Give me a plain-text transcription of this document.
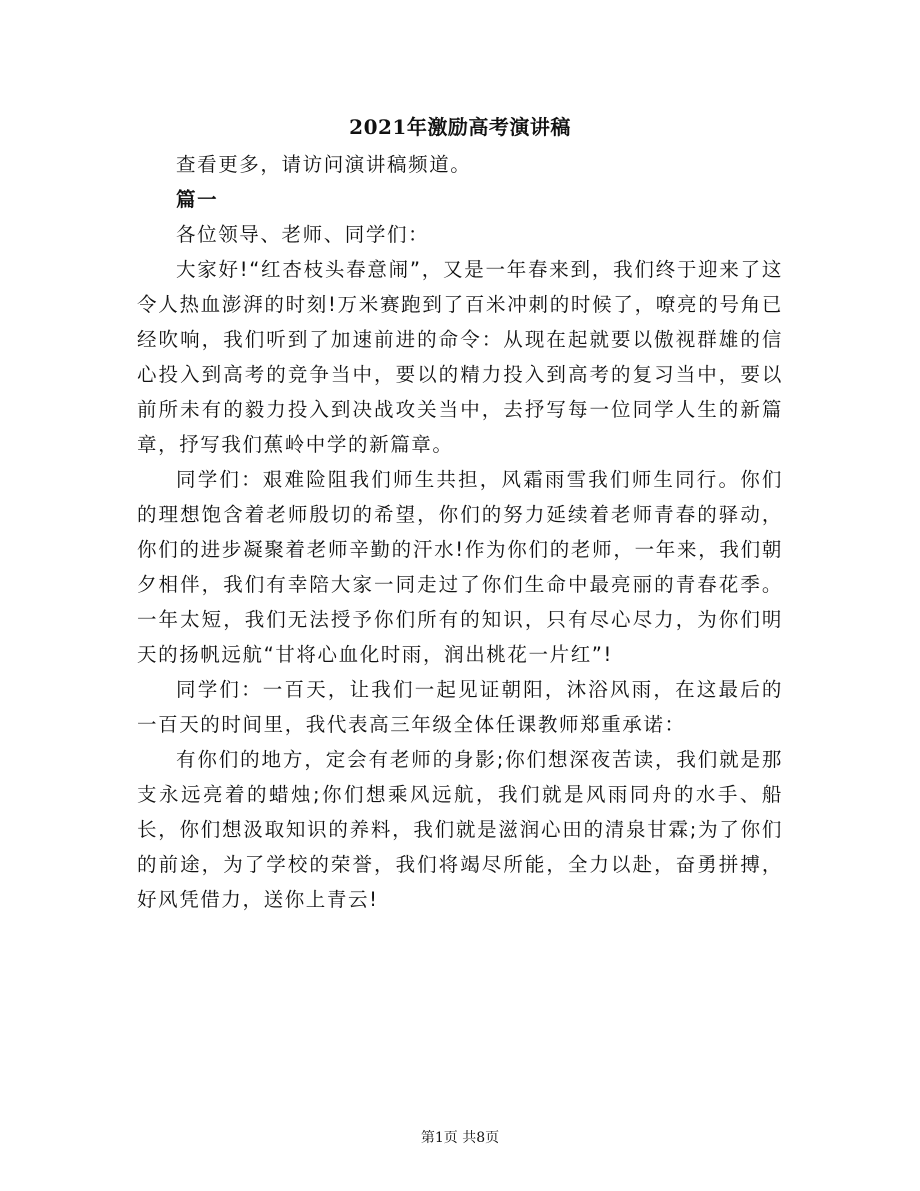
2021年激励高考演讲稿

查看更多，请访问演讲稿频道。

篇一

各位领导、老师、同学们：

大家好!“红杏枝头春意闹”，又是一年春来到，我们终于迎来了这令人热血澎湃的时刻!万米赛跑到了百米冲刺的时候了，嘹亮的号角已经吹响，我们听到了加速前进的命令：从现在起就要以傲视群雄的信心投入到高考的竞争当中，要以的精力投入到高考的复习当中，要以前所未有的毅力投入到决战攻关当中，去抒写每一位同学人生的新篇章，抒写我们蕉岭中学的新篇章。

同学们：艰难险阻我们师生共担，风霜雨雪我们师生同行。你们的理想饱含着老师殷切的希望，你们的努力延续着老师青春的驿动，你们的进步凝聚着老师辛勤的汗水!作为你们的老师，一年来，我们朝夕相伴，我们有幸陪大家一同走过了你们生命中最亮丽的青春花季。一年太短，我们无法授予你们所有的知识，只有尽心尽力，为你们明天的扬帆远航“甘将心血化时雨，润出桃花一片红”!

同学们：一百天，让我们一起见证朝阳，沐浴风雨，在这最后的一百天的时间里，我代表高三年级全体任课教师郑重承诺：

有你们的地方，定会有老师的身影;你们想深夜苦读，我们就是那支永远亮着的蜡烛;你们想乘风远航，我们就是风雨同舟的水手、船长，你们想汲取知识的养料，我们就是滋润心田的清泉甘霖;为了你们的前途，为了学校的荣誉，我们将竭尽所能，全力以赴，奋勇拼搏，好风凭借力，送你上青云!

第1页 共8页
